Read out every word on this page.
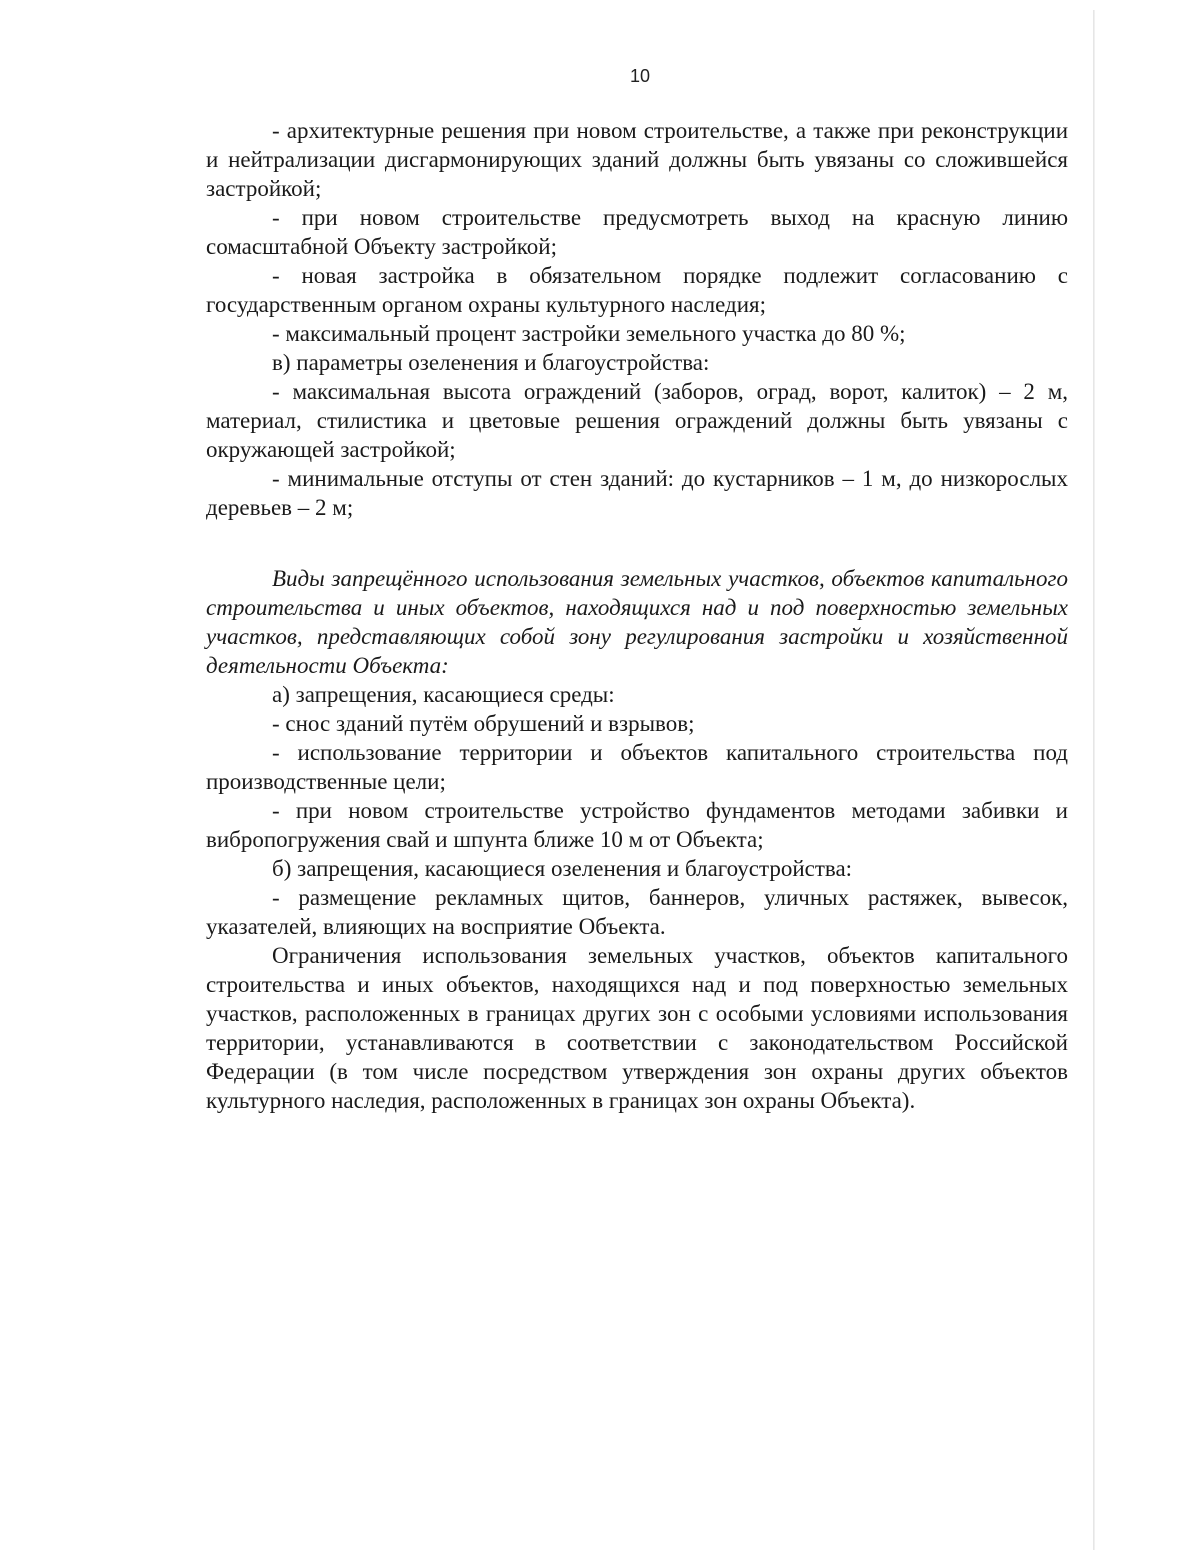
10

- архитектурные решения при новом строительстве, а также при реконструкции и нейтрализации дисгармонирующих зданий должны быть увязаны со сложившейся застройкой;

- при новом строительстве предусмотреть выход на красную линию сомасштабной Объекту застройкой;

- новая застройка в обязательном порядке подлежит согласованию с государственным органом охраны культурного наследия;

- максимальный процент застройки земельного участка до 80 %;

в) параметры озеленения и благоустройства:

- максимальная высота ограждений (заборов, оград, ворот, калиток) – 2 м, материал, стилистика и цветовые решения ограждений должны быть увязаны с окружающей застройкой;

- минимальные отступы от стен зданий: до кустарников – 1 м, до низкорослых деревьев – 2 м;

Виды запрещённого использования земельных участков, объектов капитального строительства и иных объектов, находящихся над и под поверхностью земельных участков, представляющих собой зону регулирования застройки и хозяйственной деятельности Объекта:

а) запрещения, касающиеся среды:

- снос зданий путём обрушений и взрывов;

- использование территории и объектов капитального строительства под производственные цели;

- при новом строительстве устройство фундаментов методами забивки и вибропогружения свай и шпунта ближе 10 м от Объекта;

б) запрещения, касающиеся озеленения и благоустройства:

- размещение рекламных щитов, баннеров, уличных растяжек, вывесок, указателей, влияющих на восприятие Объекта.

Ограничения использования земельных участков, объектов капитального строительства и иных объектов, находящихся над и под поверхностью земельных участков, расположенных в границах других зон с особыми условиями использования территории, устанавливаются в соответствии с законодательством Российской Федерации (в том числе посредством утверждения зон охраны других объектов культурного наследия, расположенных в границах зон охраны Объекта).
